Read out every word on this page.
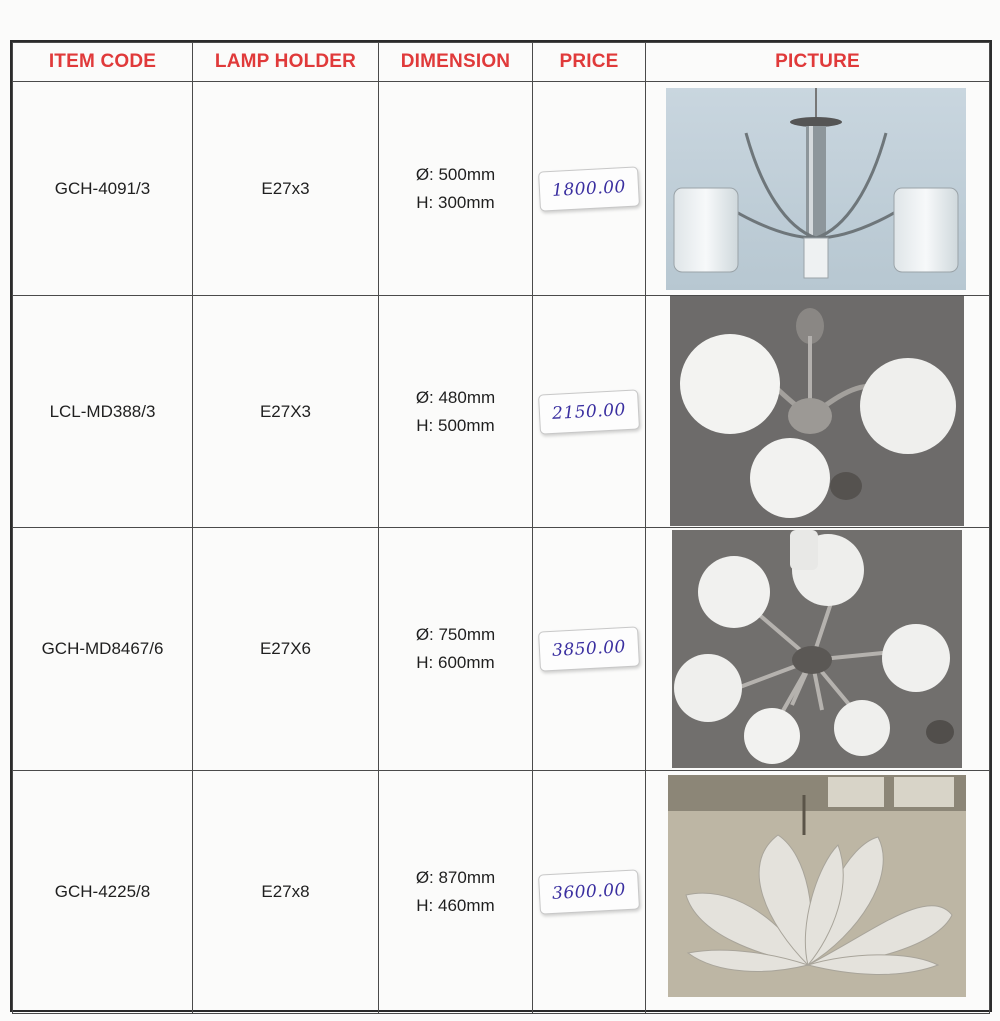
ITEM CODE	LAMP HOLDER	DIMENSION	PRICE	PICTURE
GCH-4091/3	E27x3	Ø: 500mm
H: 300mm	1800.00	

LCL-MD388/3	E27X3	Ø: 480mm
H: 500mm	2150.00	

GCH-MD8467/6	E27X6	Ø: 750mm
H: 600mm	3850.00	

GCH-4225/8	E27x8	Ø: 870mm
H: 460mm	3600.00	
